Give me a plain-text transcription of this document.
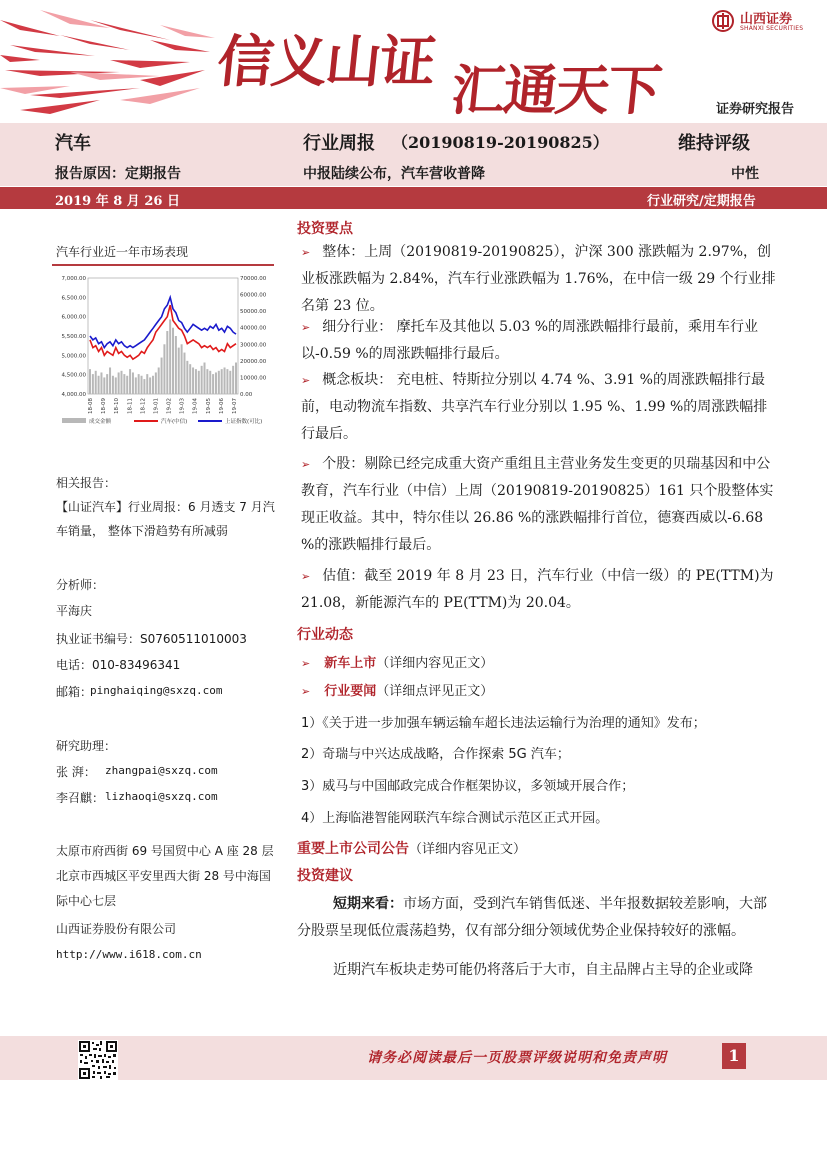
信义山证 汇通天下
山西证券
SHANXI SECURITIES
证券研究报告
汽车	行业周报 （20190819-20190825）	维持评级
报告原因：定期报告	中报陆续公布，汽车营收普降	中性
2019 年 8 月 26 日	行业研究/定期报告
汽车行业近一年市场表现
7,000.00
6,500.00
6,000.00
5,500.00
5,000.00
4,500.00
4,000.00
70000.00
60000.00
50000.00
40000.00
30000.00
20000.00
10000.00
0.00
18-08 18-09 18-10 18-11 18-12 19-01 19-02 19-03 19-04 19-05 19-06 19-07
成交金额	汽车(中信)	上证指数(可比)
相关报告：
【山证汽车】行业周报：6 月透支 7 月汽
车销量， 整体下滑趋势有所减弱
分析师：
平海庆
执业证书编号：S0760511010003
电话：010-83496341
邮箱：
pinghaiqing@sxzq.com
研究助理：
张 湃： zhangpai@sxzq.com
李召麒： lizhaoqi@sxzq.com
太原市府西街 69 号国贸中心 A 座 28 层
北京市西城区平安里西大街 28 号中海国
际中心七层
山西证券股份有限公司
http://www.i618.com.cn
投资要点
➢ 整体：上周（20190819-20190825），沪深 300 涨跌幅为 2.97%，创业板涨跌幅为 2.84%，汽车行业涨跌幅为 1.76%，在中信一级 29 个行业排名第 23 位。
➢ 细分行业： 摩托车及其他以 5.03 %的周涨跌幅排行最前，乘用车行业以-0.59 %的周涨跌幅排行最后。
➢ 概念板块： 充电桩、特斯拉分别以 4.74 %、3.91 %的周涨跌幅排行最前，电动物流车指数、共享汽车行业分别以 1.95 %、1.99 %的周涨跌幅排行最后。
➢ 个股：剔除已经完成重大资产重组且主营业务发生变更的贝瑞基因和中公教育，汽车行业（中信）上周（20190819-20190825）161 只个股整体实现正收益。其中，特尔佳以 26.86 %的涨跌幅排行首位，德赛西威以-6.68 %的涨跌幅排行最后。
➢ 估值：截至 2019 年 8 月 23 日，汽车行业（中信一级）的 PE(TTM)为 21.08，新能源汽车的 PE(TTM)为 20.04。
行业动态
➢ 新车上市（详细内容见正文）
➢ 行业要闻（详细点评见正文）
1）《关于进一步加强车辆运输车超长违法运输行为治理的通知》发布；
2）奇瑞与中兴达成战略，合作探索 5G 汽车；
3）威马与中国邮政完成合作框架协议，多领域开展合作；
4）上海临港智能网联汽车综合测试示范区正式开园。
重要上市公司公告（详细内容见正文）
投资建议
短期来看：市场方面，受到汽车销售低迷、半年报数据较差影响，大部分股票呈现低位震荡趋势，仅有部分细分领域优势企业保持较好的涨幅。
近期汽车板块走势可能仍将落后于大市，自主品牌占主导的企业或降
请务必阅读最后一页股票评级说明和免责声明	1
